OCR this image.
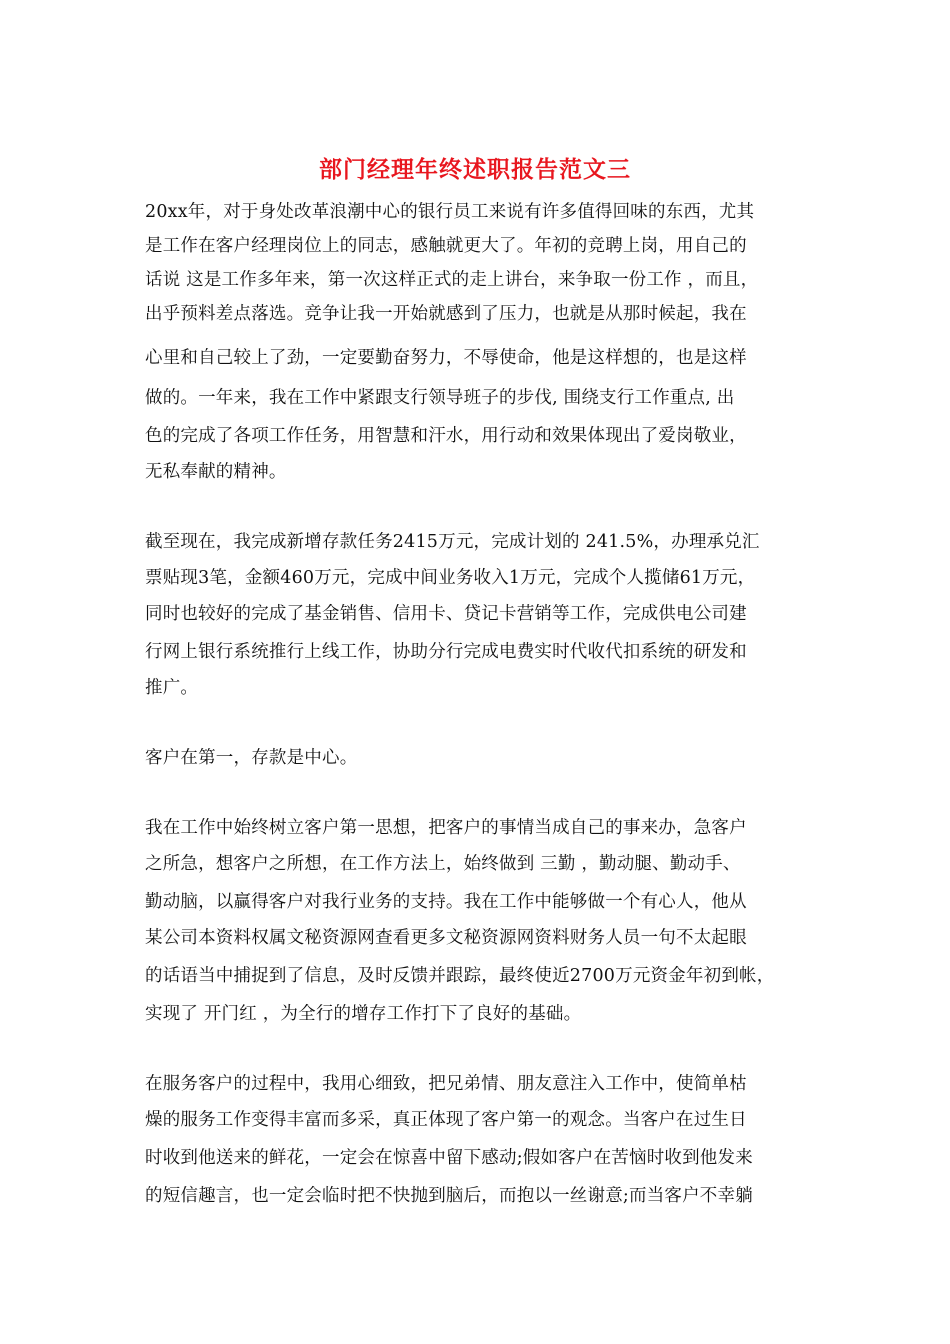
部门经理年终述职报告范文三
20xx年，对于身处改革浪潮中心的银行员工来说有许多值得回味的东西，尤其
是工作在客户经理岗位上的同志，感触就更大了。年初的竞聘上岗，用自己的
话说 这是工作多年来，第一次这样正式的走上讲台，来争取一份工作 ，而且，
出乎预料差点落选。竞争让我一开始就感到了压力，也就是从那时候起，我在
心里和自己较上了劲，一定要勤奋努力，不辱使命，他是这样想的，也是这样
做的。一年来，我在工作中紧跟支行领导班子的步伐, 围绕支行工作重点, 出
色的完成了各项工作任务，用智慧和汗水，用行动和效果体现出了爱岗敬业，
无私奉献的精神。
截至现在，我完成新增存款任务2415万元，完成计划的 241.5%，办理承兑汇
票贴现3笔，金额460万元，完成中间业务收入1万元，完成个人揽储61万元，
同时也较好的完成了基金销售、信用卡、贷记卡营销等工作，完成供电公司建
行网上银行系统推行上线工作，协助分行完成电费实时代收代扣系统的研发和
推广。
客户在第一，存款是中心。
我在工作中始终树立客户第一思想，把客户的事情当成自己的事来办，急客户
之所急，想客户之所想，在工作方法上，始终做到 三勤 ，勤动腿、勤动手、
勤动脑，以赢得客户对我行业务的支持。我在工作中能够做一个有心人，他从
某公司本资料权属文秘资源网查看更多文秘资源网资料财务人员一句不太起眼
的话语当中捕捉到了信息，及时反馈并跟踪，最终使近2700万元资金年初到帐，
实现了 开门红 ，为全行的增存工作打下了良好的基础。
在服务客户的过程中，我用心细致，把兄弟情、朋友意注入工作中，使简单枯
燥的服务工作变得丰富而多采，真正体现了客户第一的观念。当客户在过生日
时收到他送来的鲜花，一定会在惊喜中留下感动;假如客户在苦恼时收到他发来
的短信趣言，也一定会临时把不快抛到脑后，而抱以一丝谢意;而当客户不幸躺
